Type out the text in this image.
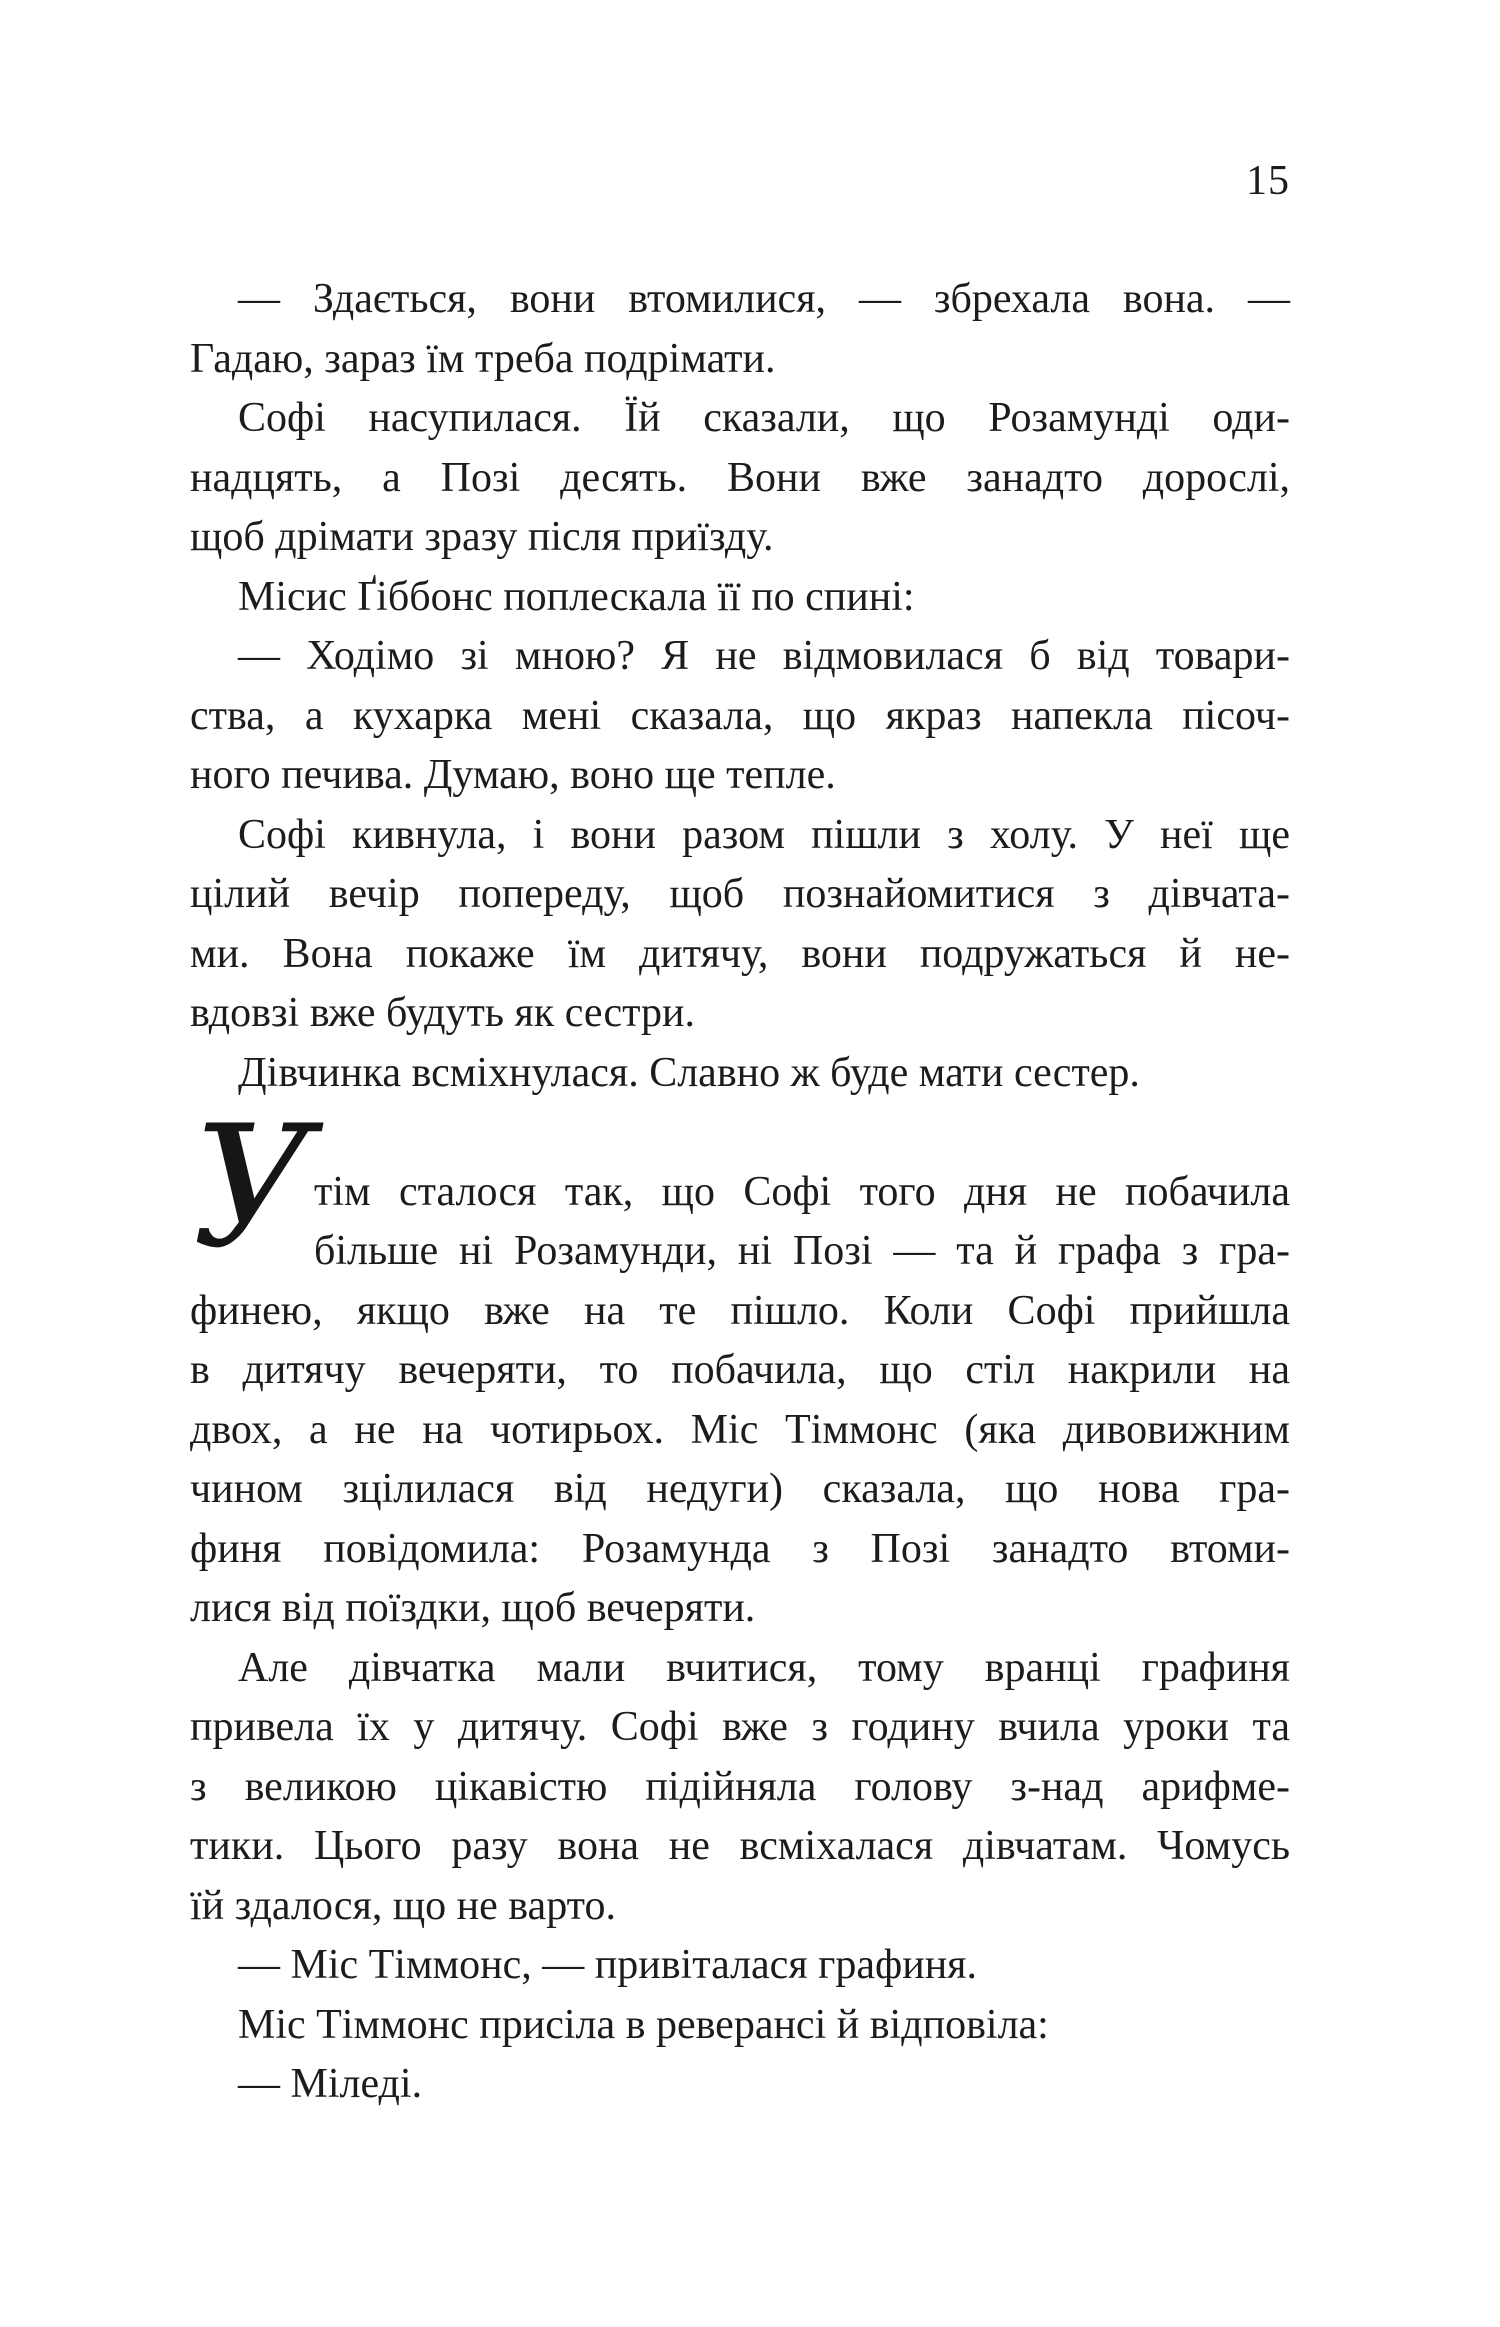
15
— Здається, вони втомилися, — збрехала вона. —
Гадаю, зараз їм треба подрімати.
Софі насупилася. Їй сказали, що Розамунді оди-
надцять, а Позі десять. Вони вже занадто дорослі,
щоб дрімати зразу після приїзду.
Місис Ґіббонс поплескала її по спині:
— Ходімо зі мною? Я не відмовилася б від товари-
ства, а кухарка мені сказала, що якраз напекла пісоч-
ного печива. Думаю, воно ще тепле.
Софі кивнула, і вони разом пішли з холу. У неї ще
цілий вечір попереду, щоб познайомитися з дівчата-
ми. Вона покаже їм дитячу, вони подружаться й не-
вдовзі вже будуть як сестри.
Дівчинка всміхнулася. Славно ж буде мати сестер.
У тім сталося так, що Софі того дня не побачила
більше ні Розамунди, ні Позі — та й графа з гра-
финею, якщо вже на те пішло. Коли Софі прийшла
в дитячу вечеряти, то побачила, що стіл накрили на
двох, а не на чотирьох. Міс Тіммонс (яка дивовижним
чином зцілилася від недуги) сказала, що нова гра-
финя повідомила: Розамунда з Позі занадто втоми-
лися від поїздки, щоб вечеряти.
Але дівчатка мали вчитися, тому вранці графиня
привела їх у дитячу. Софі вже з годину вчила уроки та
з великою цікавістю підійняла голову з-над арифме-
тики. Цього разу вона не всміхалася дівчатам. Чомусь
їй здалося, що не варто.
— Міс Тіммонс, — привіталася графиня.
Міс Тіммонс присіла в реверансі й відповіла:
— Міледі.
